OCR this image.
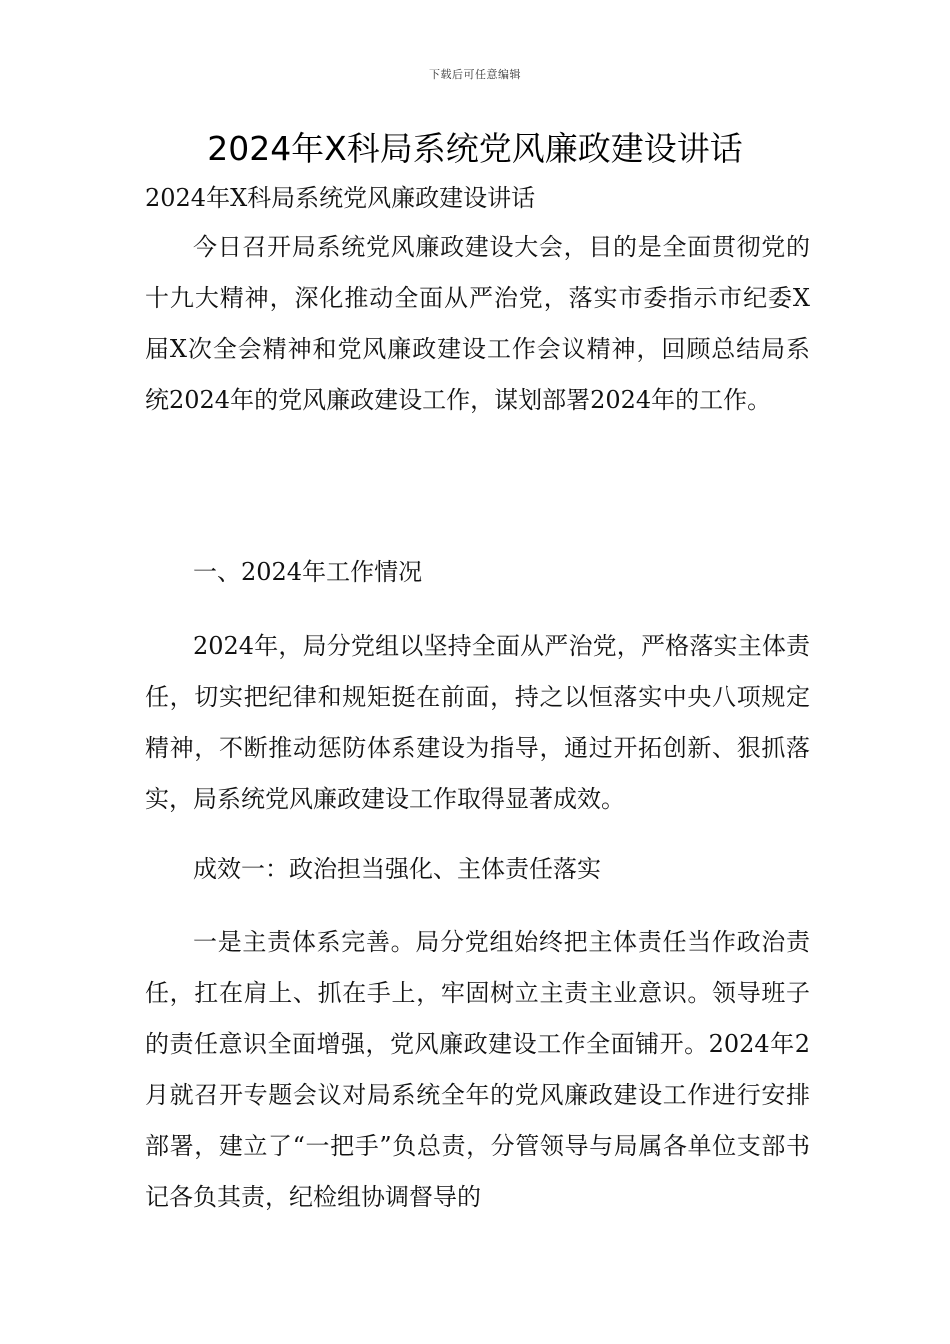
下载后可任意编辑
2024年X科局系统党风廉政建设讲话

2024年X科局系统党风廉政建设讲话

今日召开局系统党风廉政建设大会，目的是全面贯彻党的十九大精神，深化推动全面从严治党，落实市委指示市纪委X届X次全会精神和党风廉政建设工作会议精神，回顾总结局系统2024年的党风廉政建设工作，谋划部署2024年的工作。

一、2024年工作情况

2024年，局分党组以坚持全面从严治党，严格落实主体责任，切实把纪律和规矩挺在前面，持之以恒落实中央八项规定精神，不断推动惩防体系建设为指导，通过开拓创新、狠抓落实，局系统党风廉政建设工作取得显著成效。

成效一：政治担当强化、主体责任落实

一是主责体系完善。局分党组始终把主体责任当作政治责任，扛在肩上、抓在手上，牢固树立主责主业意识。领导班子的责任意识全面增强，党风廉政建设工作全面铺开。2024年2月就召开专题会议对局系统全年的党风廉政建设工作进行安排部署，建立了“一把手”负总责，分管领导与局属各单位支部书记各负其责，纪检组协调督导的
